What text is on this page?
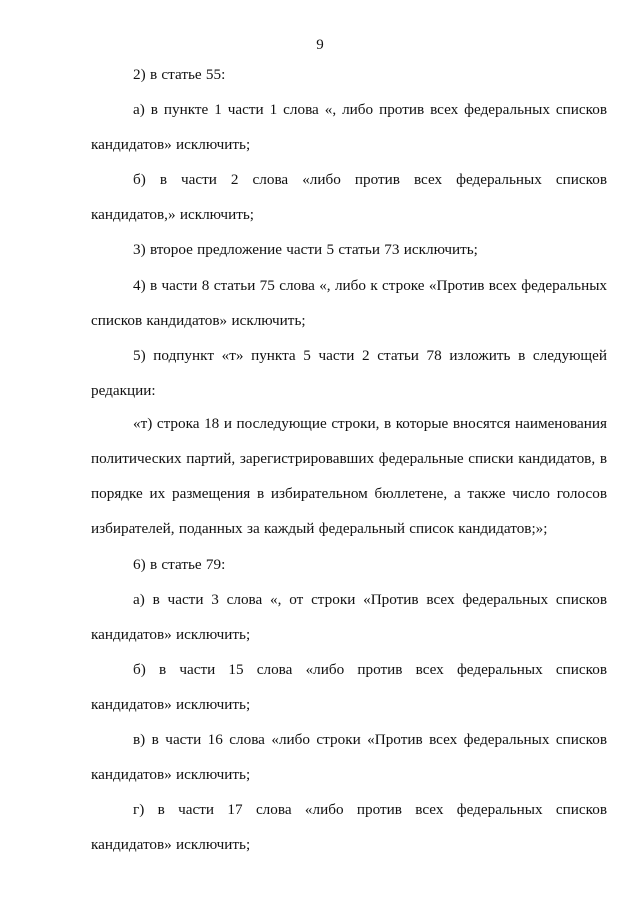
9

2) в статье 55:

а) в пункте 1 части 1 слова «, либо против всех федеральных списков кандидатов» исключить;

б) в части 2 слова «либо против всех федеральных списков кандидатов,» исключить;

3) второе предложение части 5 статьи 73 исключить;

4) в части 8 статьи 75 слова «, либо к строке «Против всех федеральных списков кандидатов» исключить;

5) подпункт «т» пункта 5 части 2 статьи 78 изложить в следующей редакции:

«т) строка 18 и последующие строки, в которые вносятся наименования политических партий, зарегистрировавших федеральные списки кандидатов, в порядке их размещения в избирательном бюллетене, а также число голосов избирателей, поданных за каждый федеральный список кандидатов;»;

6) в статье 79:

а) в части 3 слова «, от строки «Против всех федеральных списков кандидатов» исключить;

б) в части 15 слова «либо против всех федеральных списков кандидатов» исключить;

в) в части 16 слова «либо строки «Против всех федеральных списков кандидатов» исключить;

г) в части 17 слова «либо против всех федеральных списков кандидатов» исключить;
